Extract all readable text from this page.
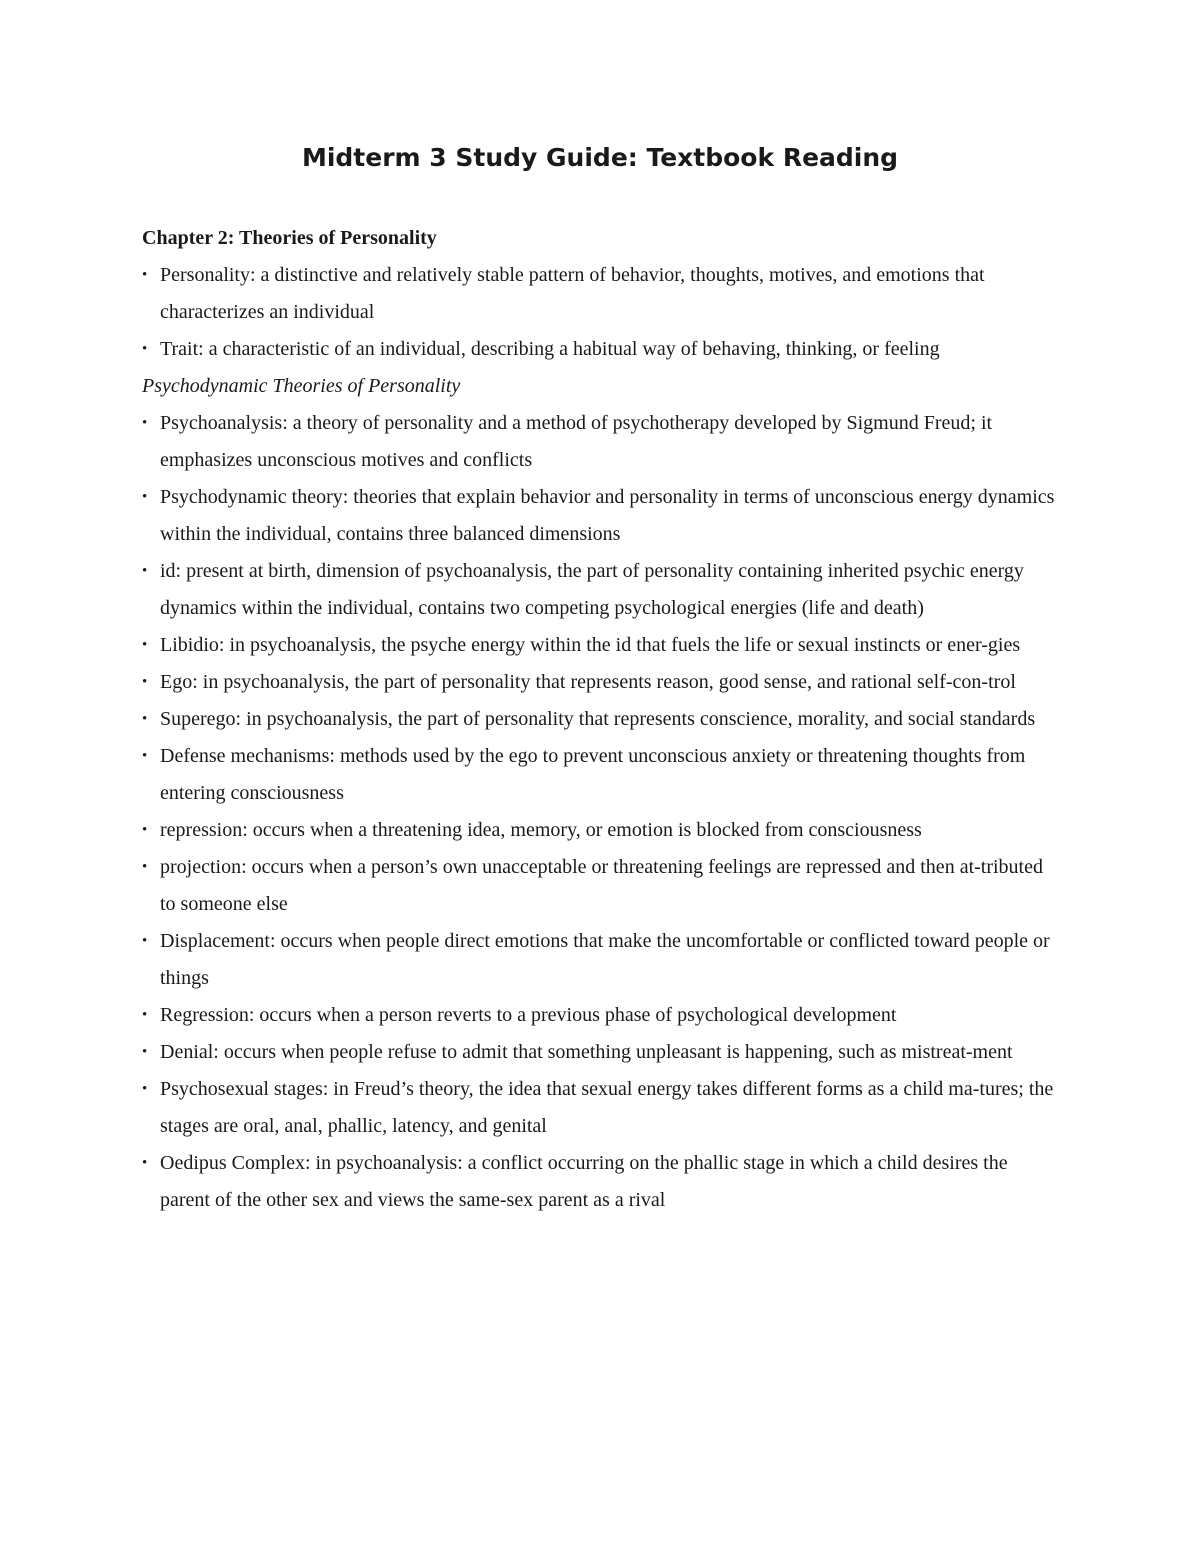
Midterm 3 Study Guide: Textbook Reading

Chapter 2: Theories of Personality

• Personality: a distinctive and relatively stable pattern of behavior, thoughts, motives, and emotions that characterizes an individual
• Trait: a characteristic of an individual, describing a habitual way of behaving, thinking, or feeling

Psychodynamic Theories of Personality

• Psychoanalysis: a theory of personality and a method of psychotherapy developed by Sigmund Freud; it emphasizes unconscious motives and conflicts
• Psychodynamic theory: theories that explain behavior and personality in terms of unconscious energy dynamics within the individual, contains three balanced dimensions
• id: present at birth, dimension of psychoanalysis, the part of personality containing inherited psychic energy dynamics within the individual, contains two competing psychological energies (life and death)
• Libidio: in psychoanalysis, the psyche energy within the id that fuels the life or sexual instincts or ener-gies
• Ego: in psychoanalysis, the part of personality that represents reason, good sense, and rational self-con-trol
• Superego: in psychoanalysis, the part of personality that represents conscience, morality, and social standards
• Defense mechanisms: methods used by the ego to prevent unconscious anxiety or threatening thoughts from entering consciousness
• repression: occurs when a threatening idea, memory, or emotion is blocked from consciousness
• projection: occurs when a person’s own unacceptable or threatening feelings are repressed and then at-tributed to someone else
• Displacement: occurs when people direct emotions that make the uncomfortable or conflicted toward people or things
• Regression: occurs when a person reverts to a previous phase of psychological development
• Denial: occurs when people refuse to admit that something unpleasant is happening, such as mistreat-ment
• Psychosexual stages: in Freud’s theory, the idea that sexual energy takes different forms as a child ma-tures; the stages are oral, anal, phallic, latency, and genital
• Oedipus Complex: in psychoanalysis: a conflict occurring on the phallic stage in which a child desires the parent of the other sex and views the same-sex parent as a rival
